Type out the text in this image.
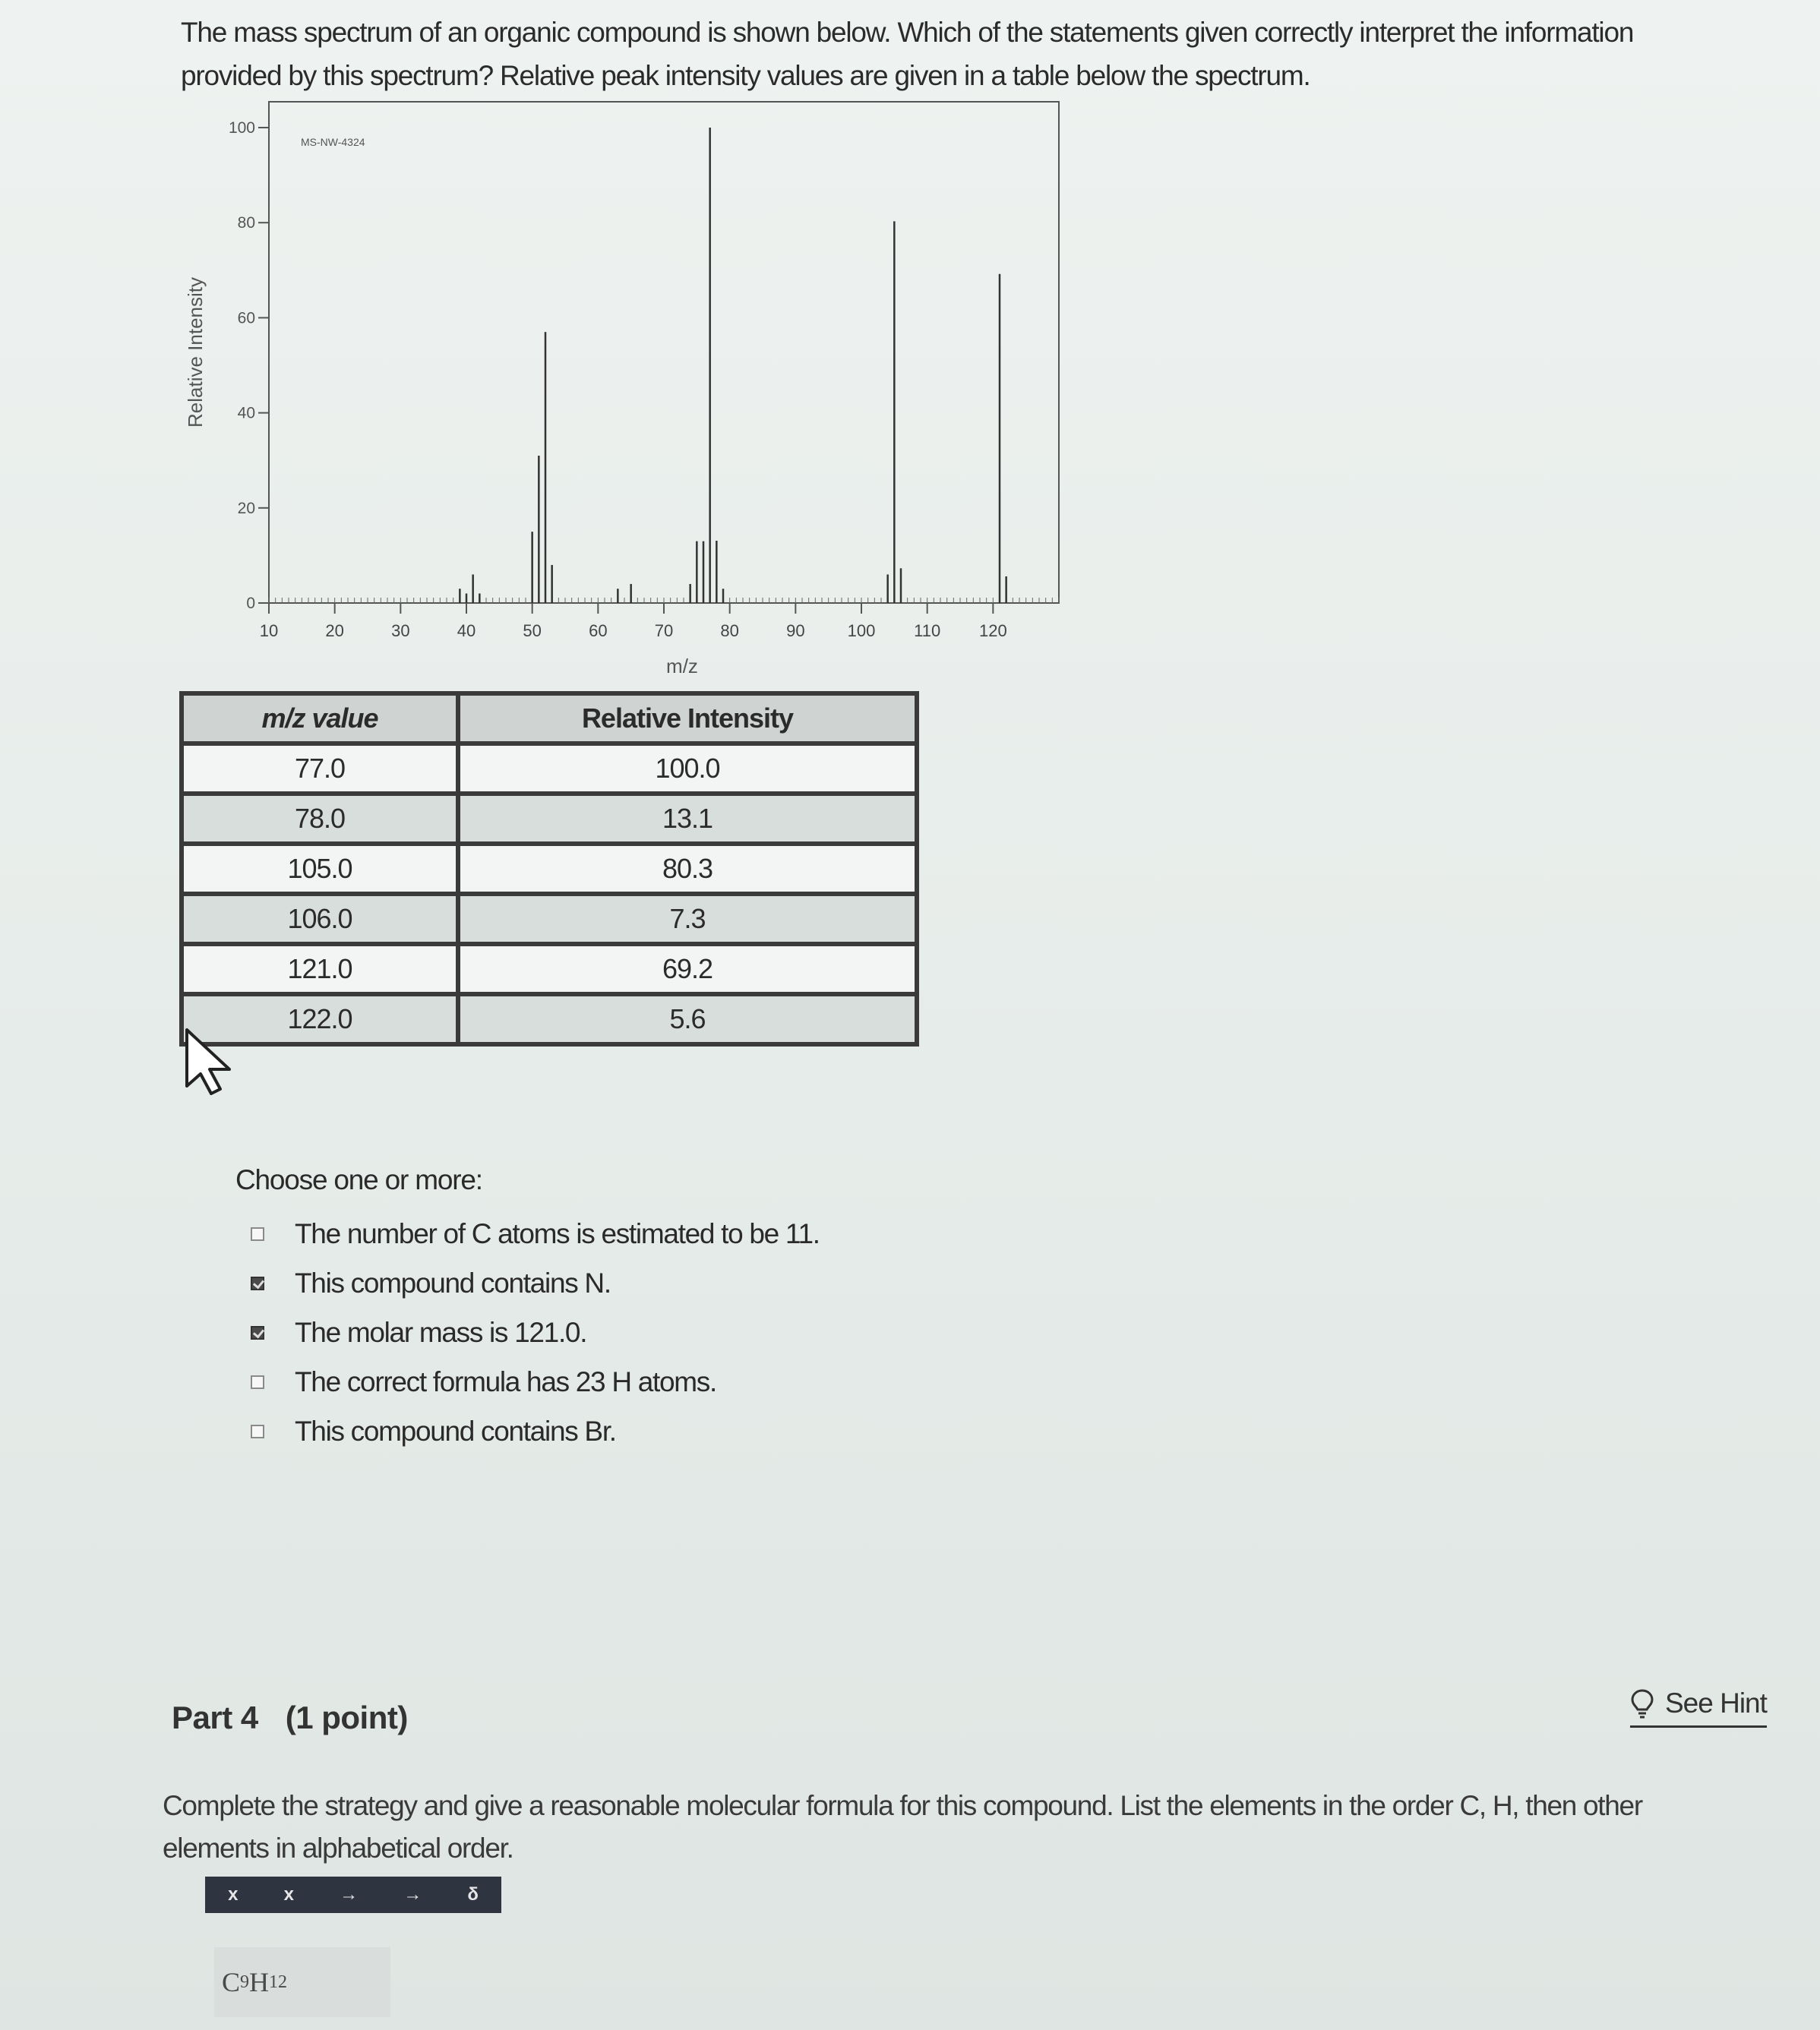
The mass spectrum of an organic compound is shown below. Which of the statements given correctly interpret the information provided by this spectrum? Relative peak intensity values are given in a table below the spectrum.
MS-NW-4324
Relative Intensity
m/z
0
20
40
60
80
100
10	20	30	40	50	60	70	80	90	100 110 120
m/z value	Relative Intensity
77.0	100.0
78.0	13.1
105.0	80.3
106.0	7.3
121.0	69.2
122.0	5.6
Choose one or more:
The number of C atoms is estimated to be 11.
This compound contains N.
The molar mass is 121.0.
The correct formula has 23 H atoms.
This compound contains Br.
Part 4 (1 point)	See Hint
Complete the strategy and give a reasonable molecular formula for this compound. List the elements in the order C, H, then other elements in alphabetical order.
x	x	→	→	δ
C 9 H 12
